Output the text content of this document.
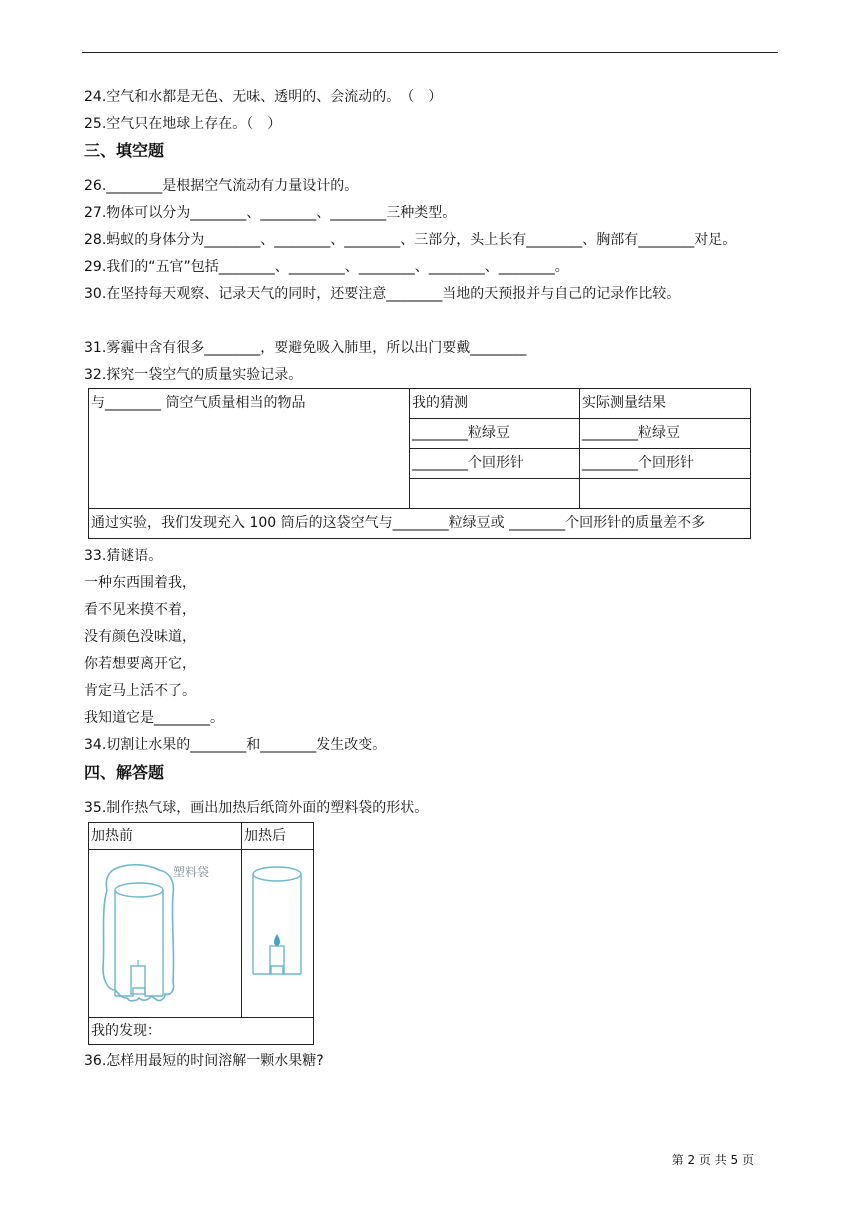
24.空气和水都是无色、无味、透明的、会流动的。　（　）
25.空气只在地球上存在。（　）
三、填空题
26.________是根据空气流动有力量设计的。
27.物体可以分为________、________、________三种类型。
28.蚂蚁的身体分为________、________、________、三部分，头上长有________、胸部有________对足。
29.我们的“五官”包括________、________、________、________、________。
30.在坚持每天观察、记录天气的同时，还要注意________当地的天预报并与自己的记录作比较。
31.雾霾中含有很多________，要避免吸入肺里，所以出门要戴________
32.探究一袋空气的质量实验记录。
与________ 筒空气质量相当的物品	我的猜测	实际测量结果
	________粒绿豆	________粒绿豆
	________个回形针	________个回形针

通过实验，我们发现充入 100 筒后的这袋空气与________粒绿豆或 ________个回形针的质量差不多		
33.猜谜语。
一种东西围着我，
看不见来摸不着，
没有颜色没味道，
你若想要离开它，
肯定马上活不了。
我知道它是________。
34.切割让水果的________和________发生改变。
四、解答题
35.制作热气球，画出加热后纸筒外面的塑料袋的形状。
加热前	加热后

塑料袋

我的发现：	
36.怎样用最短的时间溶解一颗水果糖?
第 2 页 共 5 页
